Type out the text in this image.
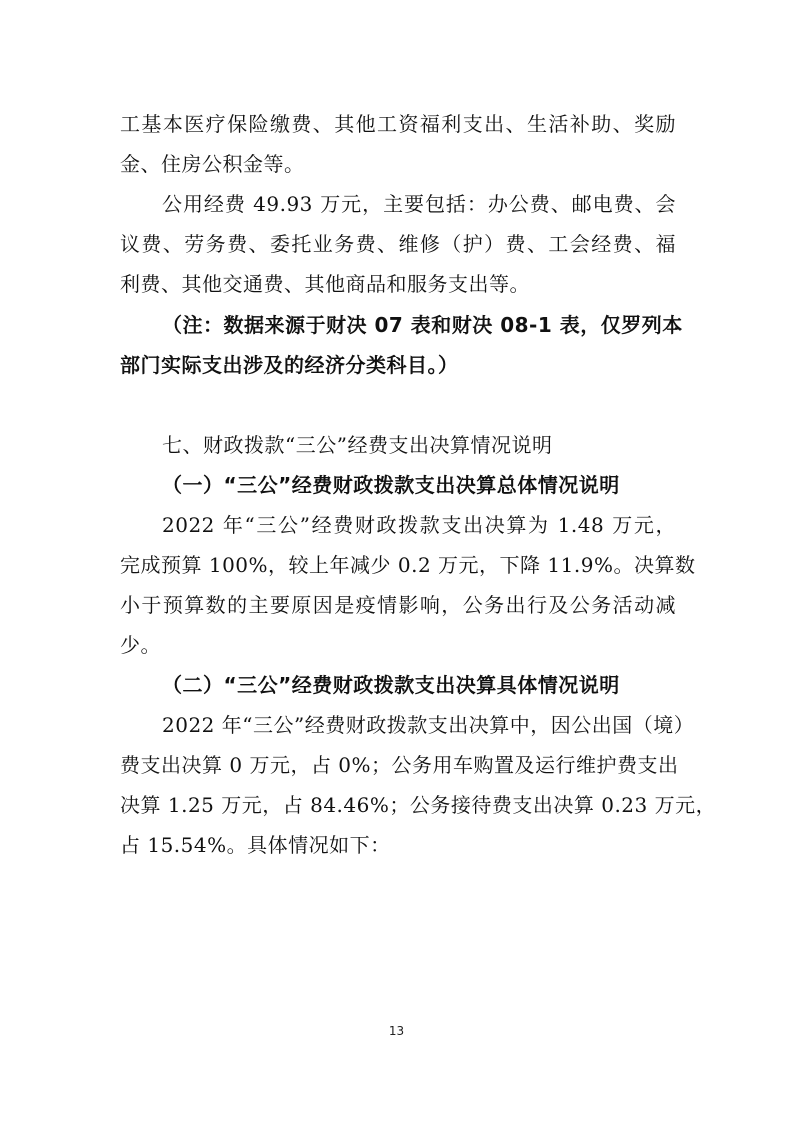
工基本医疗保险缴费、其他工资福利支出、生活补助、奖励
金、住房公积金等。
公用经费 49.93 万元，主要包括：办公费、邮电费、会
议费、劳务费、委托业务费、维修（护）费、工会经费、福
利费、其他交通费、其他商品和服务支出等。
（注：数据来源于财决 07 表和财决 08-1 表，仅罗列本
部门实际支出涉及的经济分类科目。）
七、财政拨款“三公”经费支出决算情况说明
（一）“三公”经费财政拨款支出决算总体情况说明
2022 年“三公”经费财政拨款支出决算为 1.48 万元，
完成预算 100%，较上年减少 0.2 万元，下降 11.9%。决算数
小于预算数的主要原因是疫情影响，公务出行及公务活动减
少。
（二）“三公”经费财政拨款支出决算具体情况说明
2022 年“三公”经费财政拨款支出决算中，因公出国（境）
费支出决算 0 万元，占 0%；公务用车购置及运行维护费支出
决算 1.25 万元，占 84.46%；公务接待费支出决算 0.23 万元，
占 15.54%。具体情况如下：
13
